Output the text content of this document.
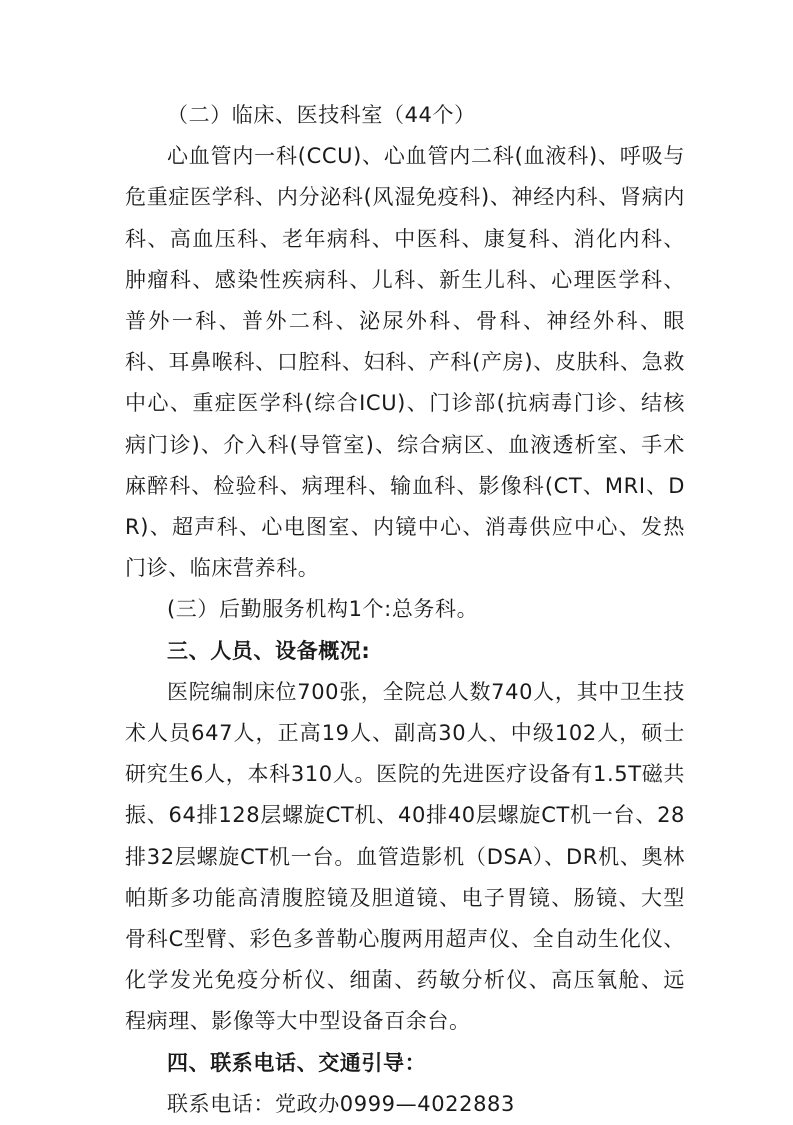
（二）临床、医技科室（44个）

心血管内一科(CCU)、心血管内二科(血液科)、呼吸与危重症医学科、内分泌科(风湿免疫科)、神经内科、肾病内科、高血压科、老年病科、中医科、康复科、消化内科、肿瘤科、感染性疾病科、儿科、新生儿科、心理医学科、普外一科、普外二科、泌尿外科、骨科、神经外科、眼科、耳鼻喉科、口腔科、妇科、产科(产房)、皮肤科、急救中心、重症医学科(综合ICU)、门诊部(抗病毒门诊、结核病门诊)、介入科(导管室)、综合病区、血液透析室、手术麻醉科、检验科、病理科、输血科、影像科(CT、MRI、DR)、超声科、心电图室、内镜中心、消毒供应中心、发热门诊、临床营养科。

(三）后勤服务机构1个:总务科。

三、人员、设备概况:

医院编制床位700张，全院总人数740人，其中卫生技术人员647人，正高19人、副高30人、中级102人，硕士研究生6人，本科310人。医院的先进医疗设备有1.5T磁共振、64排128层螺旋CT机、40排40层螺旋CT机一台、28排32层螺旋CT机一台。血管造影机（DSA）、DR机、奥林帕斯多功能高清腹腔镜及胆道镜、电子胃镜、肠镜、大型骨科C型臂、彩色多普勒心腹两用超声仪、全自动生化仪、化学发光免疫分析仪、细菌、药敏分析仪、高压氧舱、远程病理、影像等大中型设备百余台。

四、联系电话、交通引导：

联系电话：党政办0999—4022883
